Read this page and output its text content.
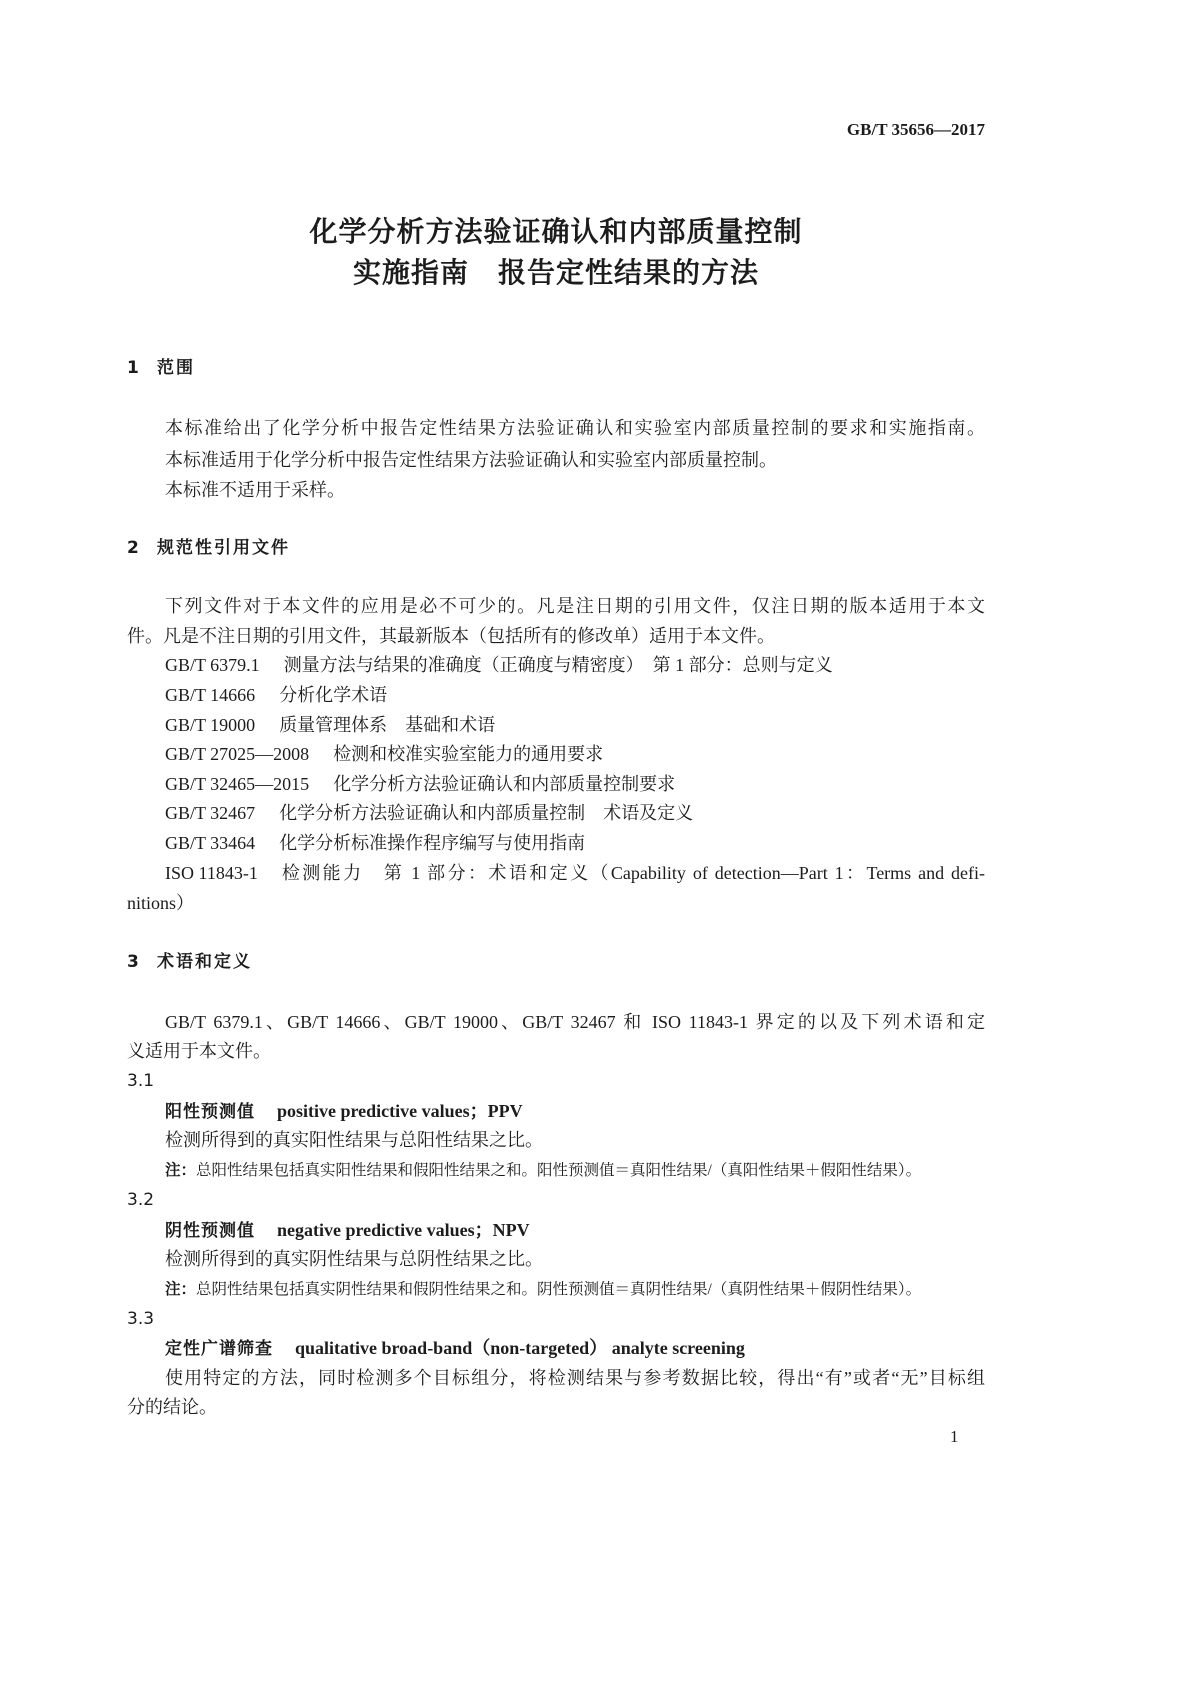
GB/T 35656—2017
化学分析方法验证确认和内部质量控制
实施指南　报告定性结果的方法
1 范围
本标准给出了化学分析中报告定性结果方法验证确认和实验室内部质量控制的要求和实施指南。
本标准适用于化学分析中报告定性结果方法验证确认和实验室内部质量控制。
本标准不适用于采样。
2 规范性引用文件
下列文件对于本文件的应用是必不可少的。凡是注日期的引用文件，仅注日期的版本适用于本文
件。凡是不注日期的引用文件，其最新版本（包括所有的修改单）适用于本文件。
GB/T 6379.1 测量方法与结果的准确度（正确度与精密度）　第 1 部分：总则与定义
GB/T 14666 分析化学术语
GB/T 19000 质量管理体系　基础和术语
GB/T 27025—2008 检测和校准实验室能力的通用要求
GB/T 32465—2015 化学分析方法验证确认和内部质量控制要求
GB/T 32467 化学分析方法验证确认和内部质量控制　术语及定义
GB/T 33464 化学分析标准操作程序编写与使用指南
ISO 11843-1 检测能力　第 1 部分：术语和定义（Capability of detection—Part 1：Terms and defi-
nitions）
3 术语和定义
GB/T 6379.1、GB/T 14666、GB/T 19000、GB/T 32467 和 ISO 11843-1 界定的以及下列术语和定
义适用于本文件。
3.1
阳性预测值 positive predictive values；PPV
检测所得到的真实阳性结果与总阳性结果之比。
注：总阳性结果包括真实阳性结果和假阳性结果之和。阳性预测值＝真阳性结果/（真阳性结果＋假阳性结果）。
3.2
阴性预测值 negative predictive values；NPV
检测所得到的真实阴性结果与总阴性结果之比。
注：总阴性结果包括真实阴性结果和假阴性结果之和。阴性预测值＝真阴性结果/（真阴性结果＋假阴性结果）。
3.3
定性广谱筛查 qualitative broad-band（non-targeted） analyte screening
使用特定的方法，同时检测多个目标组分，将检测结果与参考数据比较，得出“有”或者“无”目标组
分的结论。
1
